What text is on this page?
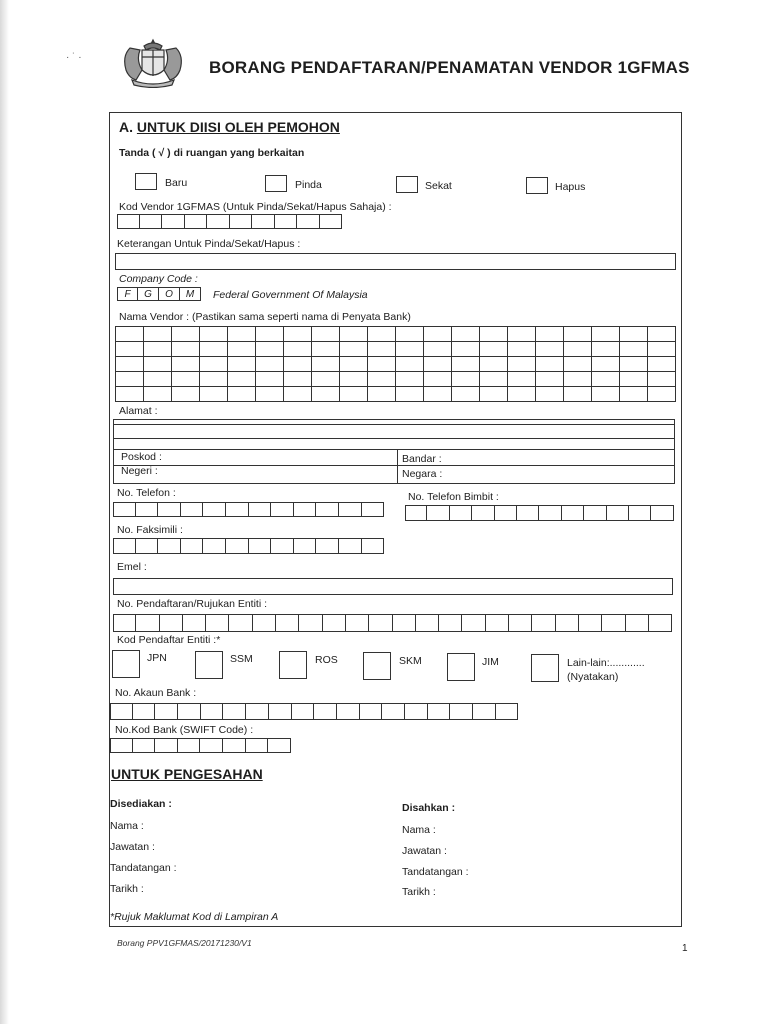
· ˙ ·
BORANG PENDAFTARAN/PENAMATAN VENDOR 1GFMAS
A. UNTUK DIISI OLEH PEMOHON
Tanda ( √ ) di ruangan yang berkaitan
Baru	Pinda	Sekat	Hapus
Kod Vendor 1GFMAS (Untuk Pinda/Sekat/Hapus Sahaja) :
Keterangan Untuk Pinda/Sekat/Hapus :
Company Code :
F	G	O	M	Federal Government Of Malaysia
Nama Vendor : (Pastikan sama seperti nama di Penyata Bank)
Alamat :
Poskod :	Bandar :
Negeri :	Negara :
No. Telefon :	No. Telefon Bimbit :
No. Faksimili :
Emel :
No. Pendaftaran/Rujukan Entiti :
Kod Pendaftar Entiti :*
JPN	SSM	ROS	SKM	JIM	Lain-lain:............
(Nyatakan)
No. Akaun Bank :
No.Kod Bank (SWIFT Code) :
UNTUK PENGESAHAN
Disediakan :
Nama :
Jawatan :
Tandatangan :
Tarikh :
Disahkan :
Nama :
Jawatan :
Tandatangan :
Tarikh :
*Rujuk Maklumat Kod di Lampiran A
Borang PPV1GFMAS/20171230/V1	1
